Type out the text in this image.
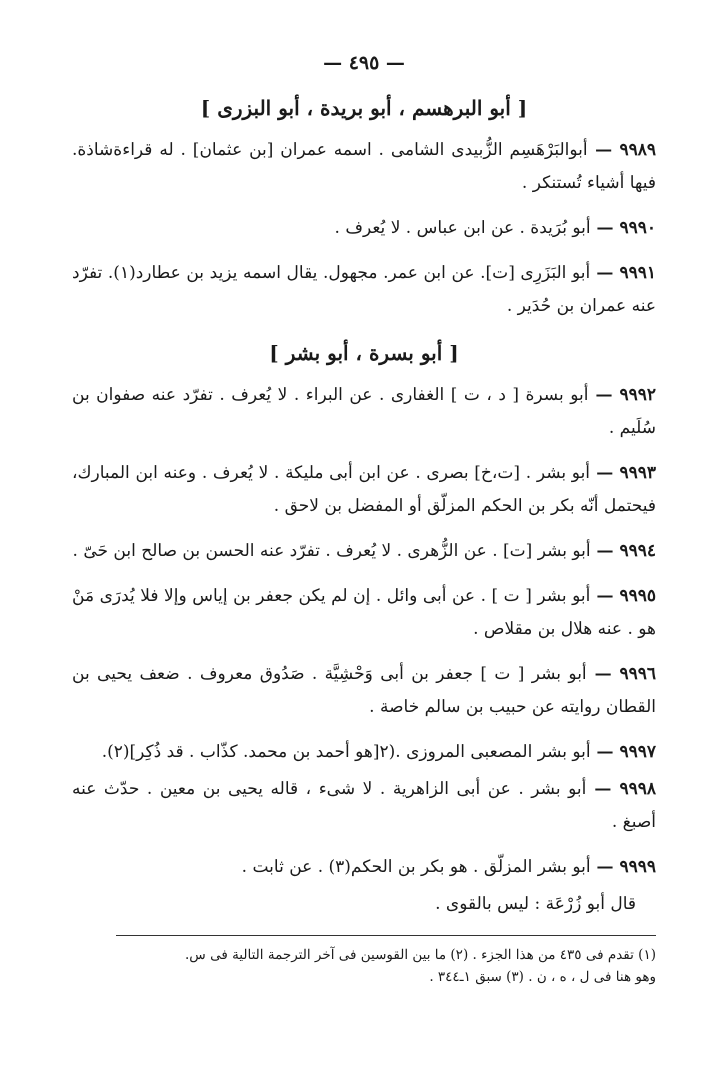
— ٤٩٥ —
[ أبو البرهسم ، أبو بريدة ، أبو البزرى ]

٩٩٨٩ — أبوالبَرْهَسِم الزُّبيدى الشامى . اسمه عمران [بن عثمان] . له قراءةشاذة. فيها أشياء تُستنكر .

٩٩٩٠ — أبو بُرَيدة . عن ابن عباس . لا يُعرف .

٩٩٩١ — أبو البَزَرِى [ت]. عن ابن عمر. مجهول. يقال اسمه يزيد بن عطارد(١). تفرّد عنه عمران بن حُدَير .

[ أبو بسرة ، أبو بشر ]

٩٩٩٢ — أبو بسرة [ د ، ت ] الغفارى . عن البراء . لا يُعرف . تفرّد عنه صفوان بن سُلَيم .

٩٩٩٣ — أبو بشر . [ت،خ] بصرى . عن ابن أبى مليكة . لا يُعرف . وعنه ابن المبارك، فيحتمل أنّه بكر بن الحكم المزلّق أو المفضل بن لاحق .

٩٩٩٤ — أبو بشر [ت] . عن الزُّهرى . لا يُعرف . تفرّد عنه الحسن بن صالح ابن حَىّ .

٩٩٩٥ — أبو بشر [ ت ] . عن أبى وائل . إن لم يكن جعفر بن إياس وإلا فلا يُدرَى مَنْ هو . عنه هلال بن مقلاص .

٩٩٩٦ — أبو بشر [ ت ] جعفر بن أبى وَحْشِيَّة . صَدُوق معروف . ضعف يحيى بن القطان روايته عن حبيب بن سالم خاصة .

٩٩٩٧ — أبو بشر المصعبى المروزى .(٢[هو أحمد بن محمد. كذّاب . قد ذُكِر](٢).

٩٩٩٨ — أبو بشر . عن أبى الزاهرية . لا شىء ، قاله يحيى بن معين . حدّث عنه أصبغ .

٩٩٩٩ — أبو بشر المزلّق . هو بكر بن الحكم(٣) . عن ثابت .

قال أبو زُرْعَة : ليس بالقوى .

(١) تقدم فى ٤٣٥ من هذا الجزء . (٢) ما بين القوسين فى آخر الترجمة التالية فى س.
وهو هنا فى ل ، ه ، ن . (٣) سبق ١ـ٣٤٤ .
